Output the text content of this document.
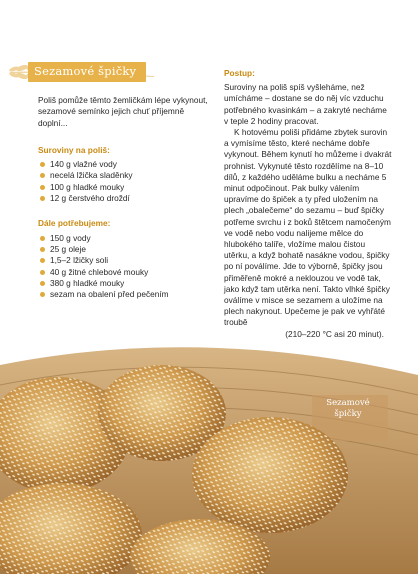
Sezamové špičky

Poliš pomůže těmto žemličkám lépe vykynout, sezamové semínko jejich chuť příjemně doplní...

Suroviny na poliš:
140 g vlažné vody
necelá lžička sladěnky
100 g hladké mouky
12 g čerstvého droždí
Dále potřebujeme:
150 g vody
25 g oleje
1,5–2 lžičky soli
40 g žitné chlebové mouky
380 g hladké mouky
sezam na obalení před pečením
Postup:

Suroviny na poliš spíš vyšleháme, než umícháme – dostane se do něj víc vzduchu potřebného kvasinkám – a zakryté necháme v teple 2 hodiny pracovat.

K hotovému poliši přidáme zbytek surovin a vymísíme těsto, které necháme dobře vykynout. Během kynutí ho můžeme i dvakrát prohnist. Vykynuté těsto rozdělíme na 8–10 dílů, z každého uděláme bulku a necháme 5 minut odpočinout. Pak bulky válením upravíme do špiček a ty před uložením na plech „obalečeme“ do sezamu – buď špičky potřeme svrchu i z boků štětcem namočeným ve vodě nebo vodu nalijeme mělce do hlubokého talíře, vložíme malou čistou utěrku, a když bohatě nasákne vodou, špičky po ní poválíme. Jde to výborně, špičky jsou přiměřeně mokré a neklouzou ve vodě tak, jako když tam utěrka není. Takto vlhké špičky oválíme v misce se sezamem a uložíme na plech nakynout. Upečeme je pak ve vyhřáté troubě

(210–220 °C asi 20 minut).

Sezamové
špičky
